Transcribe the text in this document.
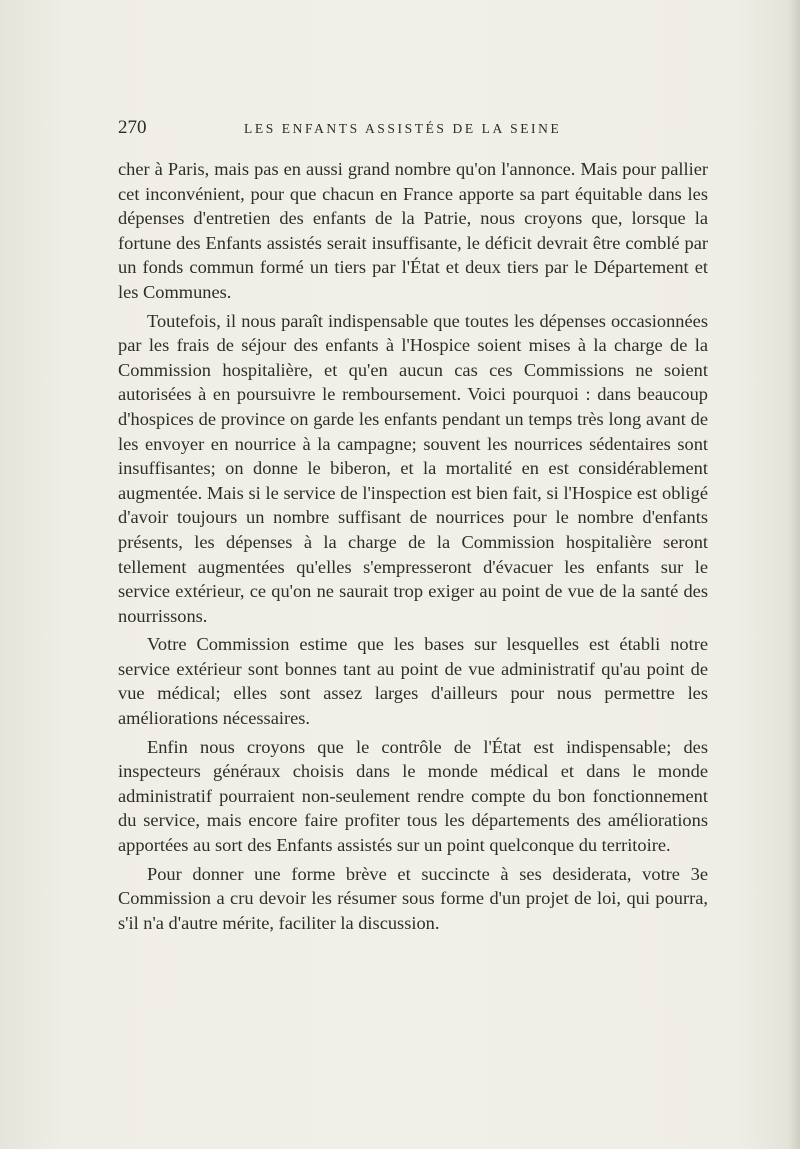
270	LES ENFANTS ASSISTÉS DE LA SEINE

cher à Paris, mais pas en aussi grand nombre qu'on l'annonce. Mais pour pallier cet inconvénient, pour que chacun en France apporte sa part équitable dans les dépenses d'entretien des enfants de la Patrie, nous croyons que, lorsque la fortune des Enfants assistés serait insuffisante, le déficit devrait être comblé par un fonds commun formé un tiers par l'État et deux tiers par le Département et les Communes.

Toutefois, il nous paraît indispensable que toutes les dépenses occasionnées par les frais de séjour des enfants à l'Hospice soient mises à la charge de la Commission hospitalière, et qu'en aucun cas ces Commissions ne soient autorisées à en poursuivre le remboursement. Voici pourquoi : dans beaucoup d'hospices de province on garde les enfants pendant un temps très long avant de les envoyer en nourrice à la campagne; souvent les nourrices sédentaires sont insuffisantes; on donne le biberon, et la mortalité en est considérablement augmentée. Mais si le service de l'inspection est bien fait, si l'Hospice est obligé d'avoir toujours un nombre suffisant de nourrices pour le nombre d'enfants présents, les dépenses à la charge de la Commission hospitalière seront tellement augmentées qu'elles s'empresseront d'évacuer les enfants sur le service extérieur, ce qu'on ne saurait trop exiger au point de vue de la santé des nourrissons.

Votre Commission estime que les bases sur lesquelles est établi notre service extérieur sont bonnes tant au point de vue administratif qu'au point de vue médical; elles sont assez larges d'ailleurs pour nous permettre les améliorations nécessaires.

Enfin nous croyons que le contrôle de l'État est indispensable; des inspecteurs généraux choisis dans le monde médical et dans le monde administratif pourraient non-seulement rendre compte du bon fonctionnement du service, mais encore faire profiter tous les départements des améliorations apportées au sort des Enfants assistés sur un point quelconque du territoire.

Pour donner une forme brève et succincte à ses desiderata, votre 3e Commission a cru devoir les résumer sous forme d'un projet de loi, qui pourra, s'il n'a d'autre mérite, faciliter la discussion.
